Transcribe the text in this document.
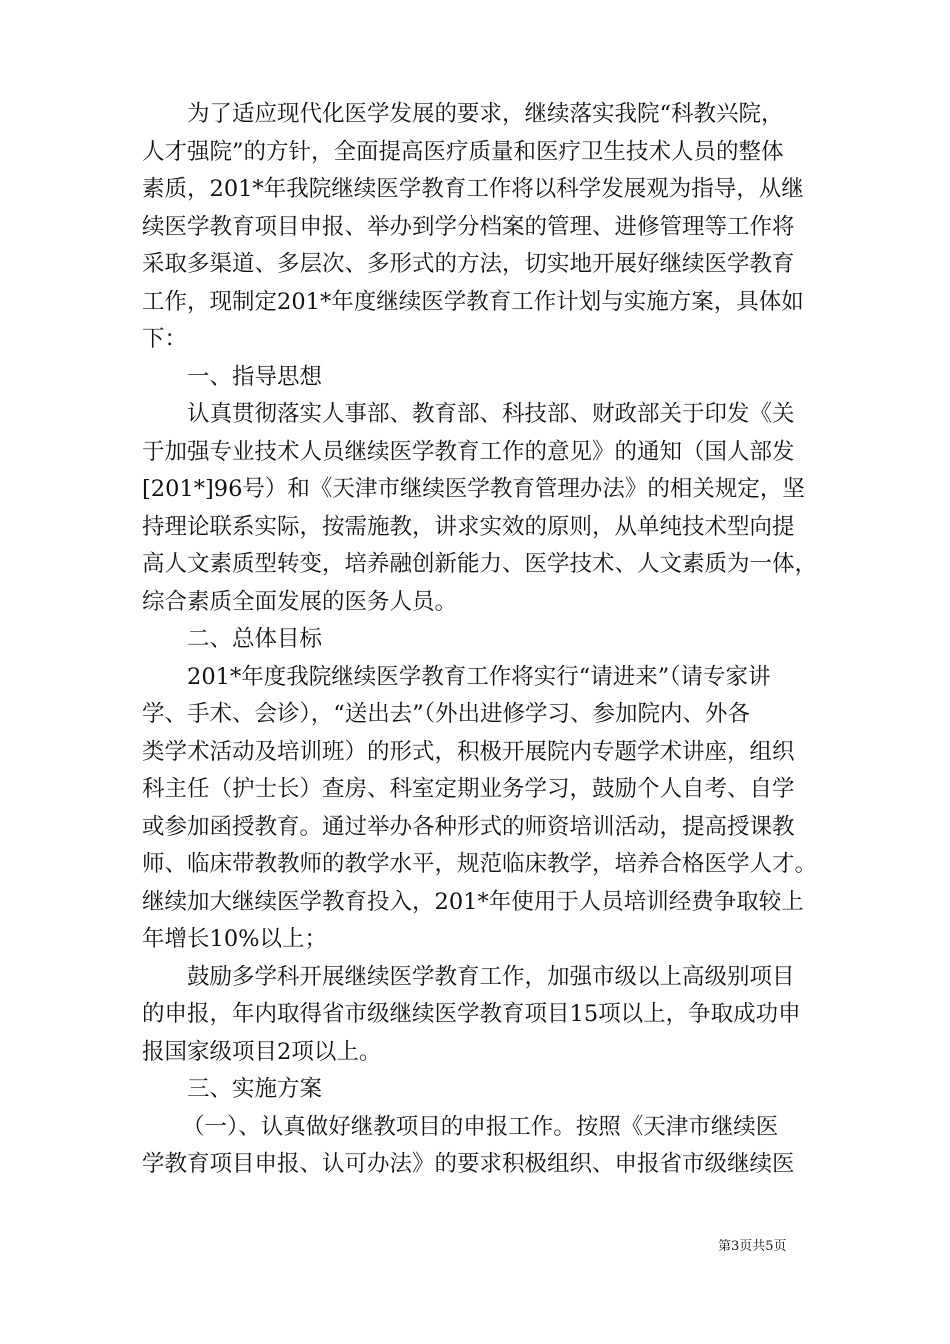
为了适应现代化医学发展的要求，继续落实我院“科教兴院，
人才强院”的方针，全面提高医疗质量和医疗卫生技术人员的整体
素质，201*年我院继续医学教育工作将以科学发展观为指导，从继
续医学教育项目申报、举办到学分档案的管理、进修管理等工作将
采取多渠道、多层次、多形式的方法，切实地开展好继续医学教育
工作，现制定201*年度继续医学教育工作计划与实施方案，具体如
下：
一、指导思想
认真贯彻落实人事部、教育部、科技部、财政部关于印发《关
于加强专业技术人员继续医学教育工作的意见》的通知（国人部发
[201*]96号）和《天津市继续医学教育管理办法》的相关规定，坚
持理论联系实际，按需施教，讲求实效的原则，从单纯技术型向提
高人文素质型转变，培养融创新能力、医学技术、人文素质为一体，
综合素质全面发展的医务人员。
二、总体目标
201*年度我院继续医学教育工作将实行“请进来”（请专家讲
学、手术、会诊），“送出去”（外出进修学习、参加院内、外各
类学术活动及培训班）的形式，积极开展院内专题学术讲座，组织
科主任（护士长）查房、科室定期业务学习，鼓励个人自考、自学
或参加函授教育。通过举办各种形式的师资培训活动，提高授课教
师、临床带教教师的教学水平，规范临床教学，培养合格医学人才。
继续加大继续医学教育投入，201*年使用于人员培训经费争取较上
年增长10%以上；
鼓励多学科开展继续医学教育工作，加强市级以上高级别项目
的申报，年内取得省市级继续医学教育项目15项以上，争取成功申
报国家级项目2项以上。
三、实施方案
（一）、认真做好继教项目的申报工作。按照《天津市继续医
学教育项目申报、认可办法》的要求积极组织、申报省市级继续医
第3页共5页
